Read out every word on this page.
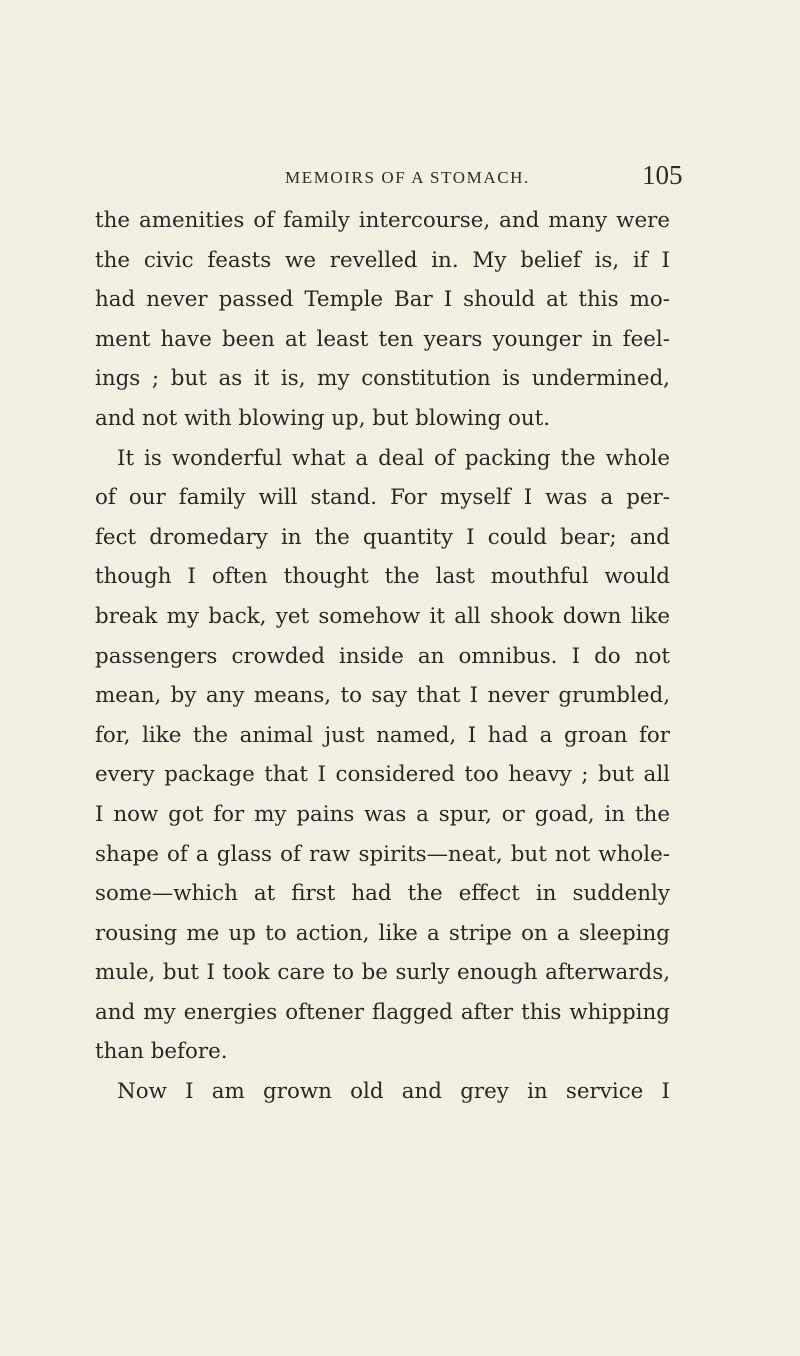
MEMOIRS OF A STOMACH.	105
the amenities of family intercourse, and many were
the civic feasts we revelled in. My belief is, if I
had never passed Temple Bar I should at this mo-
ment have been at least ten years younger in feel-
ings ; but as it is, my constitution is undermined,
and not with blowing up, but blowing out.
It is wonderful what a deal of packing the whole
of our family will stand. For myself I was a per-
fect dromedary in the quantity I could bear; and
though I often thought the last mouthful would
break my back, yet somehow it all shook down like
passengers crowded inside an omnibus. I do not
mean, by any means, to say that I never grumbled,
for, like the animal just named, I had a groan for
every package that I considered too heavy ; but all
I now got for my pains was a spur, or goad, in the
shape of a glass of raw spirits—neat, but not whole-
some—which at first had the effect in suddenly
rousing me up to action, like a stripe on a sleeping
mule, but I took care to be surly enough afterwards,
and my energies oftener flagged after this whipping
than before.
Now I am grown old and grey in service I
